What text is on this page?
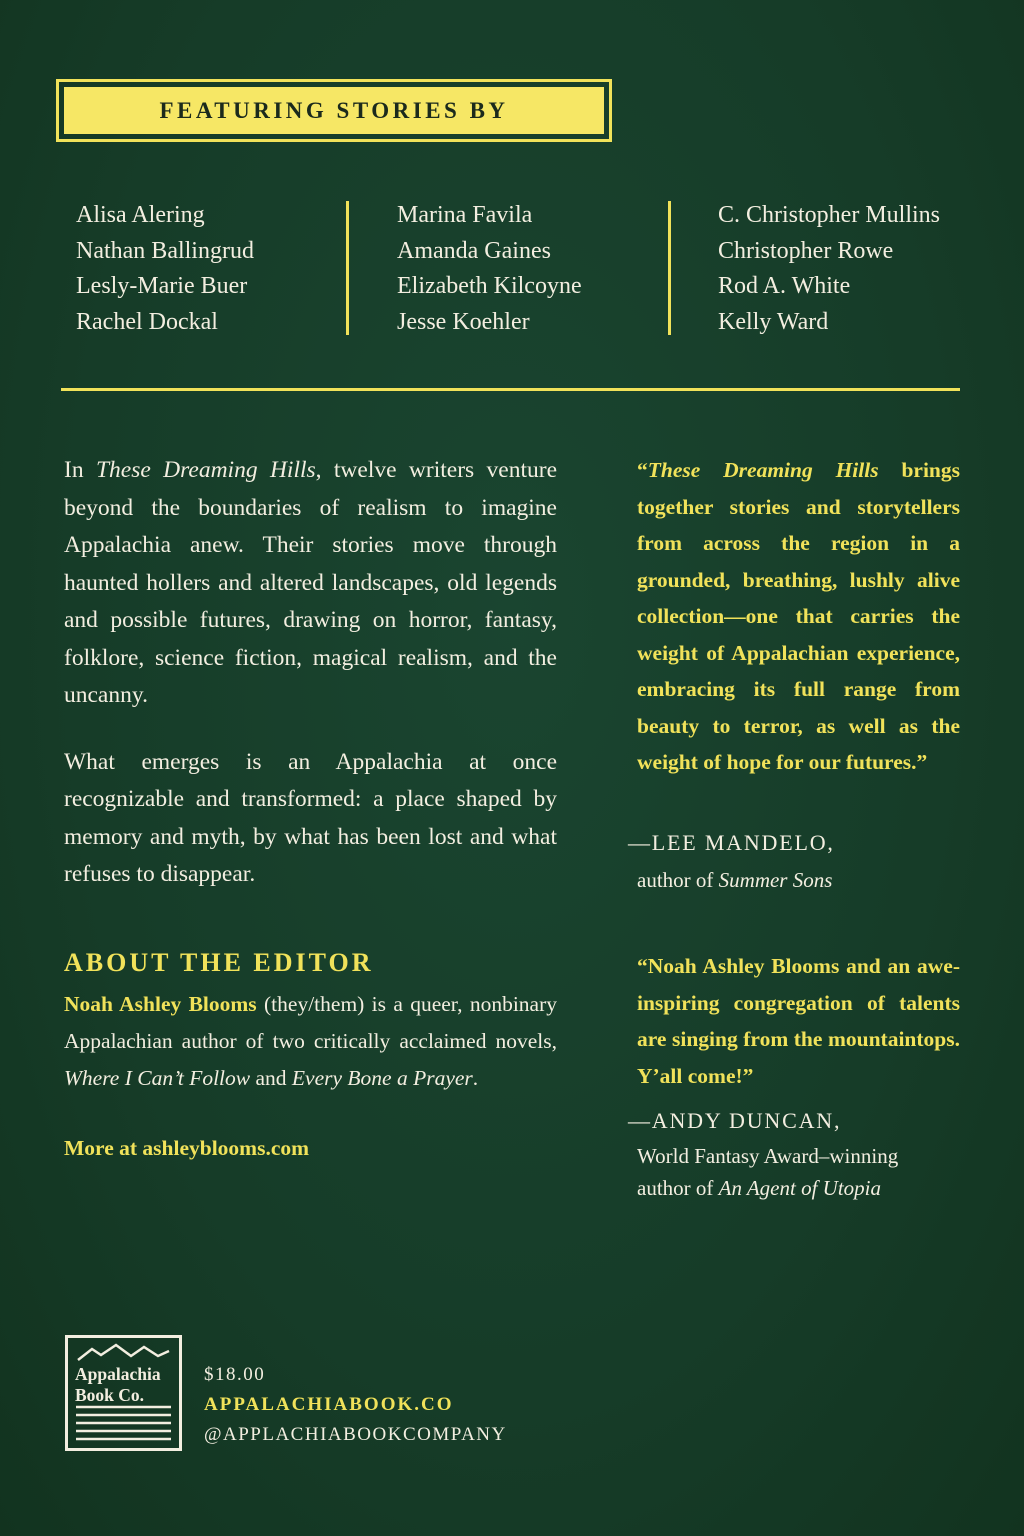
FEATURING STORIES BY
Alisa Alering
Nathan Ballingrud
Lesly-Marie Buer
Rachel Dockal
Marina Favila
Amanda Gaines
Elizabeth Kilcoyne
Jesse Koehler
C. Christopher Mullins
Christopher Rowe
Rod A. White
Kelly Ward

In These Dreaming Hills, twelve writers venture beyond the boundaries of realism to imagine Appalachia anew. Their stories move through haunted hollers and altered landscapes, old legends and possible futures, drawing on horror, fantasy, folklore, science fiction, magical realism, and the uncanny.

What emerges is an Appalachia at once recognizable and transformed: a place shaped by memory and myth, by what has been lost and what refuses to disappear.

ABOUT THE EDITOR
Noah Ashley Blooms (they/them) is a queer, nonbinary Appalachian author of two critically acclaimed novels, Where I Can’t Follow and Every Bone a Prayer.
More at ashleyblooms.com
“These Dreaming Hills brings together stories and storytellers from across the region in a grounded, breathing, lushly alive collection—one that carries the weight of Appalachian experience, embracing its full range from beauty to terror, as well as the weight of hope for our futures.”
—LEE MANDELO,
author of Summer Sons
“Noah Ashley Blooms and an awe-inspiring congregation of talents are singing from the mountaintops. Y’all come!”
—ANDY DUNCAN,
World Fantasy Award–winning
author of An Agent of Utopia
Appalachia
Book Co.
$18.00
APPALACHIABOOK.CO
@APPLACHIABOOKCOMPANY
